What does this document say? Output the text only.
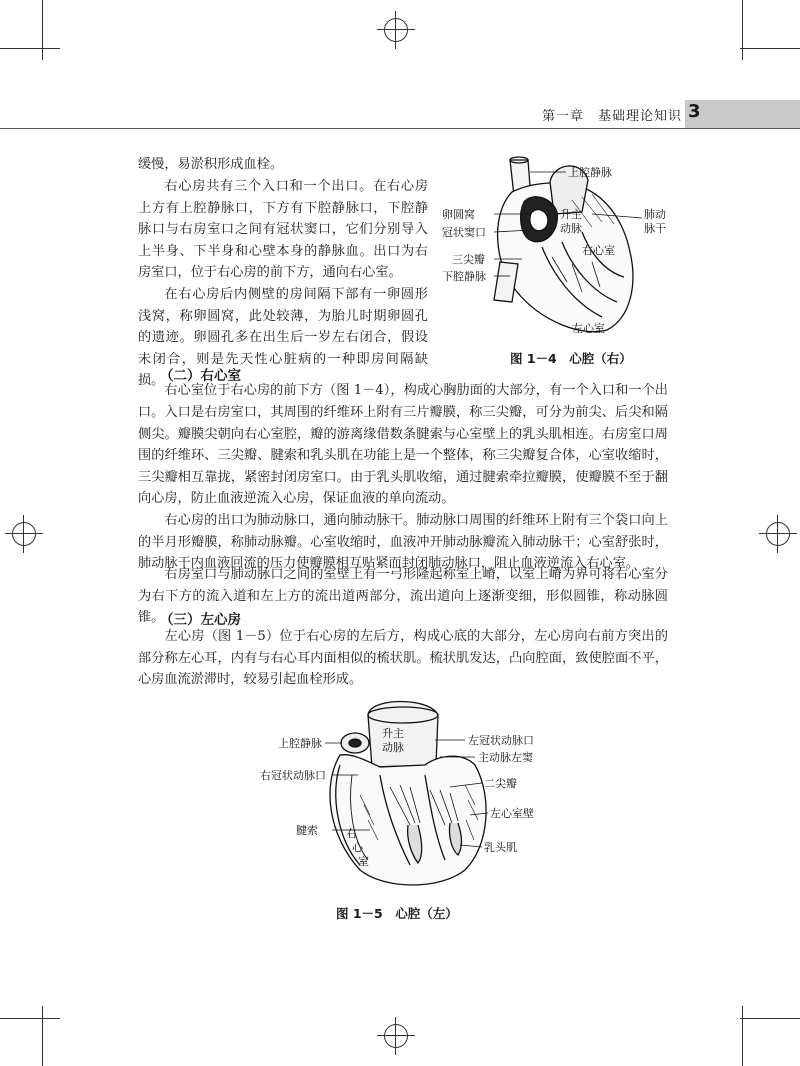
第一章　基础理论知识 3

缓慢，易淤积形成血栓。

右心房共有三个入口和一个出口。在右心房上方有上腔静脉口，下方有下腔静脉口，下腔静脉口与右房室口之间有冠状窦口，它们分别导入上半身、下半身和心壁本身的静脉血。出口为右房室口，位于右心房的前下方，通向右心室。

在右心房后内侧壁的房间隔下部有一卵圆形浅窝，称卵圆窝，此处较薄，为胎儿时期卵圆孔的遗迹。卵圆孔多在出生后一岁左右闭合，假设未闭合，则是先天性心脏病的一种即房间隔缺损。

上腔静脉
卵圆窝
冠状窦口
升主
动脉
肺动
脉干
右心室
三尖瓣
下腔静脉
左心室
图 1－4　心腔（右）
（二）右心室

右心室位于右心房的前下方（图 1－4），构成心胸肋面的大部分，有一个入口和一个出口。 入口是右房室口，其周围的纤维环上附有三片瓣膜，称三尖瓣，可分为前尖、后尖和隔侧尖。瓣膜尖朝向右心室腔，瓣的游离缘借数条腱索与心室壁上的乳头肌相连。右房室口周围的纤维环、三尖瓣、腱索和乳头肌在功能上是一个整体，称三尖瓣复合体，心室收缩时，三尖瓣相互靠拢，紧密封闭房室口。由于乳头肌收缩，通过腱索牵拉瓣膜，使瓣膜不至于翻向心房，防止血液逆流入心房，保证血液的单向流动。

右心房的出口为肺动脉口，通向肺动脉干。肺动脉口周围的纤维环上附有三个袋口向上的半月形瓣膜，称肺动脉瓣。心室收缩时，血液冲开肺动脉瓣流入肺动脉干；心室舒张时，肺动脉干内血液回流的压力使瓣膜相互贴紧而封闭肺动脉口，阻止血液逆流入右心室。

右房室口与肺动脉口之间的室壁上有一弓形隆起称室上嵴，以室上嵴为界可将右心室分为右下方的流入道和左上方的流出道两部分，流出道向上逐渐变细，形似圆锥，称动脉圆锥。

（三）左心房

左心房（图 1－5）位于右心房的左后方，构成心底的大部分，左心房向右前方突出的部分称左心耳，内有与右心耳内面相似的梳状肌。梳状肌发达，凸向腔面，致使腔面不平，心房血流淤滞时，较易引起血栓形成。

上腔静脉
升主
动脉
左冠状动脉口
主动脉左窦
右冠状动脉口
二尖瓣
左心室壁
腱索
乳头肌
右
心
室
图 1－5　心腔（左）
